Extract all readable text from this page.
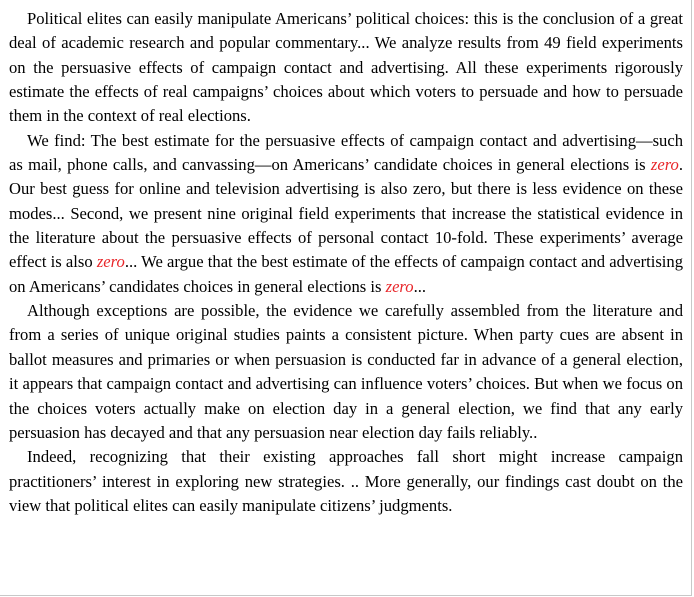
Political elites can easily manipulate Americans’ political choices: this is the conclusion of a great deal of academic research and popular commentary... We analyze results from 49 field experiments on the persuasive effects of campaign contact and advertising. All these experiments rigorously estimate the effects of real campaigns’ choices about which voters to persuade and how to persuade them in the context of real elections.

We find: The best estimate for the persuasive effects of campaign contact and advertising—such as mail, phone calls, and canvassing—on Americans’ candidate choices in general elections is zero. Our best guess for online and television advertising is also zero, but there is less evidence on these modes... Second, we present nine original field experiments that increase the statistical evidence in the literature about the persuasive effects of personal contact 10-fold. These experiments’ average effect is also zero... We argue that the best estimate of the effects of campaign contact and advertising on Americans’ candidates choices in general elections is zero...

Although exceptions are possible, the evidence we carefully assembled from the literature and from a series of unique original studies paints a consistent picture. When party cues are absent in ballot measures and primaries or when persuasion is conducted far in advance of a general election, it appears that campaign contact and advertising can influence voters’ choices. But when we focus on the choices voters actually make on election day in a general election, we find that any early persuasion has decayed and that any persuasion near election day fails reliably..

Indeed, recognizing that their existing approaches fall short might increase campaign practitioners’ interest in exploring new strategies. .. More generally, our findings cast doubt on the view that political elites can easily manipulate citizens’ judgments.
